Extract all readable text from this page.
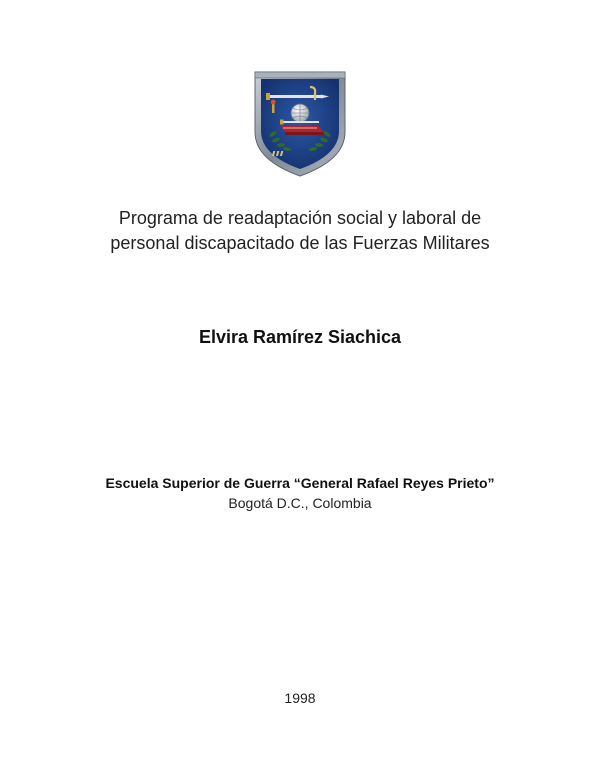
Programa de readaptación social y laboral de
personal discapacitado de las Fuerzas Militares
Elvira Ramírez Siachica
Escuela Superior de Guerra “General Rafael Reyes Prieto”
Bogotá D.C., Colombia
1998
